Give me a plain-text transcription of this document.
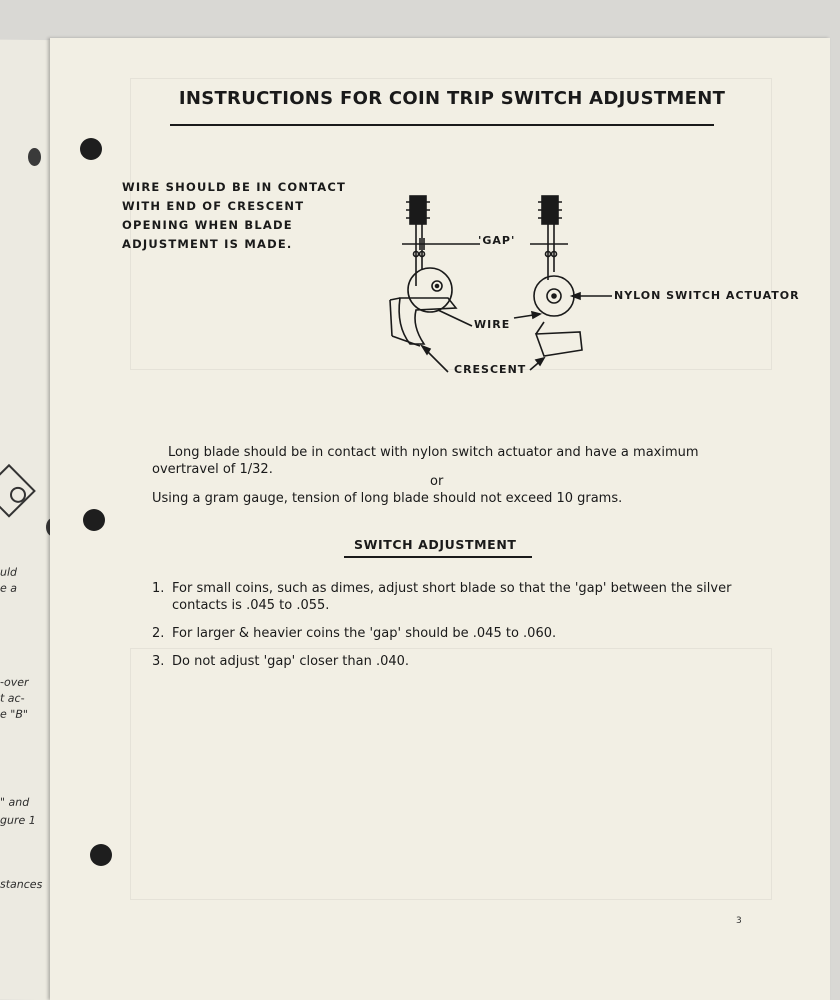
uld
e a
-over
t ac-
e "B"
" and
gure 1
stances
INSTRUCTIONS FOR COIN TRIP SWITCH ADJUSTMENT
WIRE SHOULD BE IN CONTACT
WITH END OF CRESCENT
OPENING WHEN BLADE
ADJUSTMENT IS MADE.	'GAP'
NYLON SWITCH ACTUATOR
WIRE
CRESCENT
Long blade should be in contact with nylon switch actuator and have a maximum overtravel of 1/32.
or
Using a gram gauge, tension of long blade should not exceed 10 grams.
SWITCH ADJUSTMENT
1. For small coins, such as dimes, adjust short blade so that the 'gap' between the silver contacts is .045 to .055.
2. For larger & heavier coins the 'gap' should be .045 to .060.
3. Do not adjust 'gap' closer than .040.
3
